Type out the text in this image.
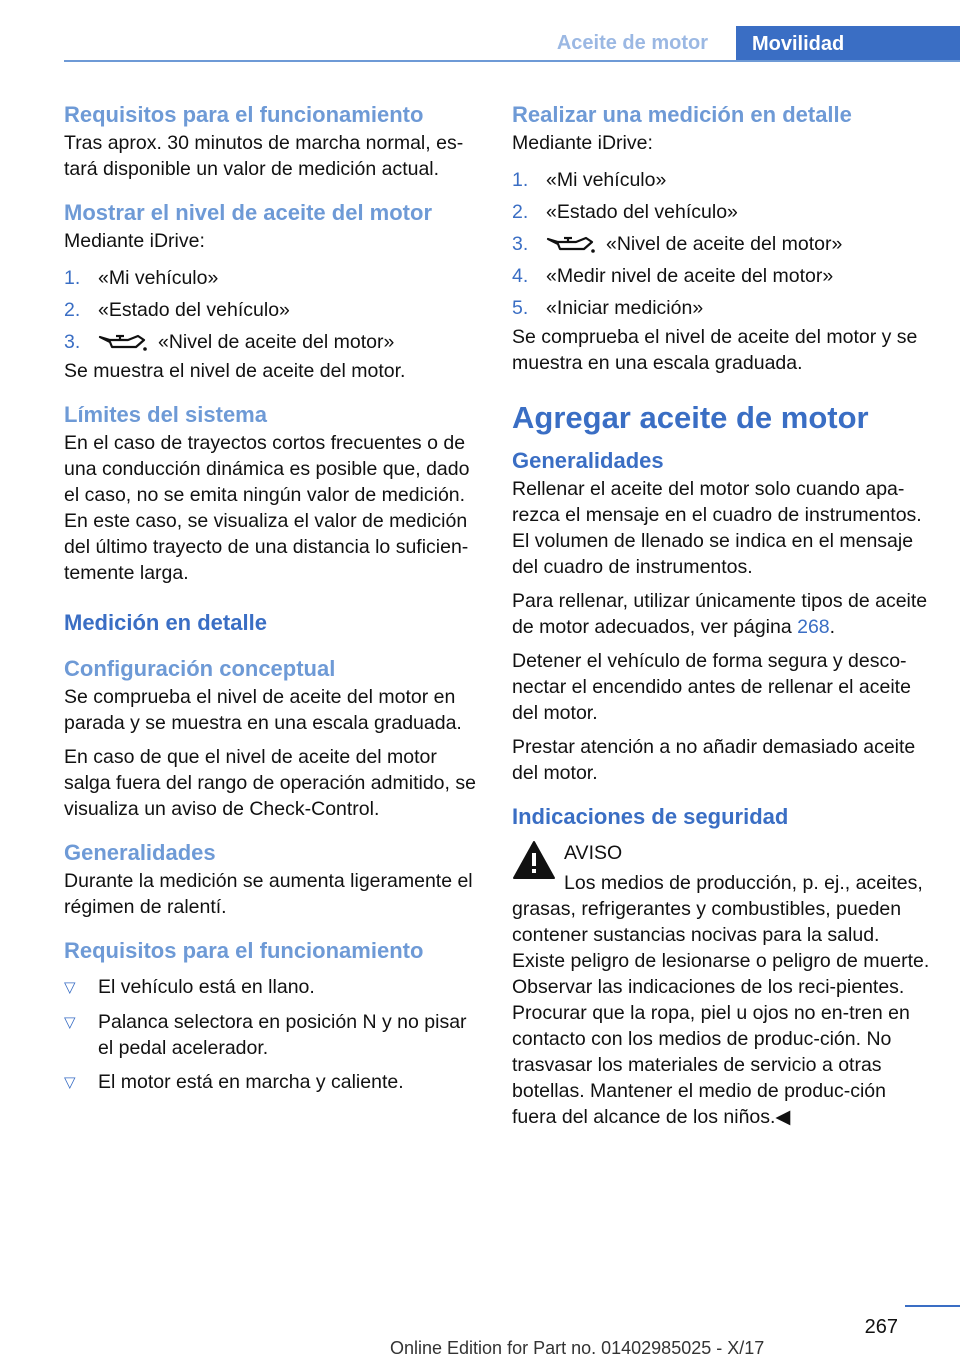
Aceite de motor	Movilidad
Requisitos para el funcionamiento

Tras aprox. 30 minutos de marcha normal, es-tará disponible un valor de medición actual.

Mostrar el nivel de aceite del motor

Mediante iDrive:

1. «Mi vehículo»
2. «Estado del vehículo»
3.	«Nivel de aceite del motor»

Se muestra el nivel de aceite del motor.

Límites del sistema

En el caso de trayectos cortos frecuentes o de una conducción dinámica es posible que, dado el caso, no se emita ningún valor de medición. En este caso, se visualiza el valor de medición del último trayecto de una distancia lo suficien-temente larga.

Medición en detalle
Configuración conceptual

Se comprueba el nivel de aceite del motor en parada y se muestra en una escala graduada.

En caso de que el nivel de aceite del motor salga fuera del rango de operación admitido, se visualiza un aviso de Check-Control.

Generalidades

Durante la medición se aumenta ligeramente el régimen de ralentí.

Requisitos para el funcionamiento
▽	El vehículo está en llano.
▽	Palanca selectora en posición N y no pisar el pedal acelerador.
▽	El motor está en marcha y caliente.
Realizar una medición en detalle

Mediante iDrive:

1. «Mi vehículo»
2. «Estado del vehículo»
3.	«Nivel de aceite del motor»
4. «Medir nivel de aceite del motor»
5. «Iniciar medición»

Se comprueba el nivel de aceite del motor y se muestra en una escala graduada.

Agregar aceite de motor
Generalidades

Rellenar el aceite del motor solo cuando apa-rezca el mensaje en el cuadro de instrumentos. El volumen de llenado se indica en el mensaje del cuadro de instrumentos.

Para rellenar, utilizar únicamente tipos de aceite de motor adecuados, ver página 268.

Detener el vehículo de forma segura y desco-nectar el encendido antes de rellenar el aceite del motor.

Prestar atención a no añadir demasiado aceite del motor.

Indicaciones de seguridad

AVISO

Los medios de producción, p. ej., aceites,

grasas, refrigerantes y combustibles, pueden contener sustancias nocivas para la salud. Existe peligro de lesionarse o peligro de muerte. Observar las indicaciones de los reci-pientes. Procurar que la ropa, piel u ojos no en-tren en contacto con los medios de produc-ción. No trasvasar los materiales de servicio a otras botellas. Mantener el medio de produc-ción fuera del alcance de los niños.◀

267
Online Edition for Part no. 01402985025 - X/17
